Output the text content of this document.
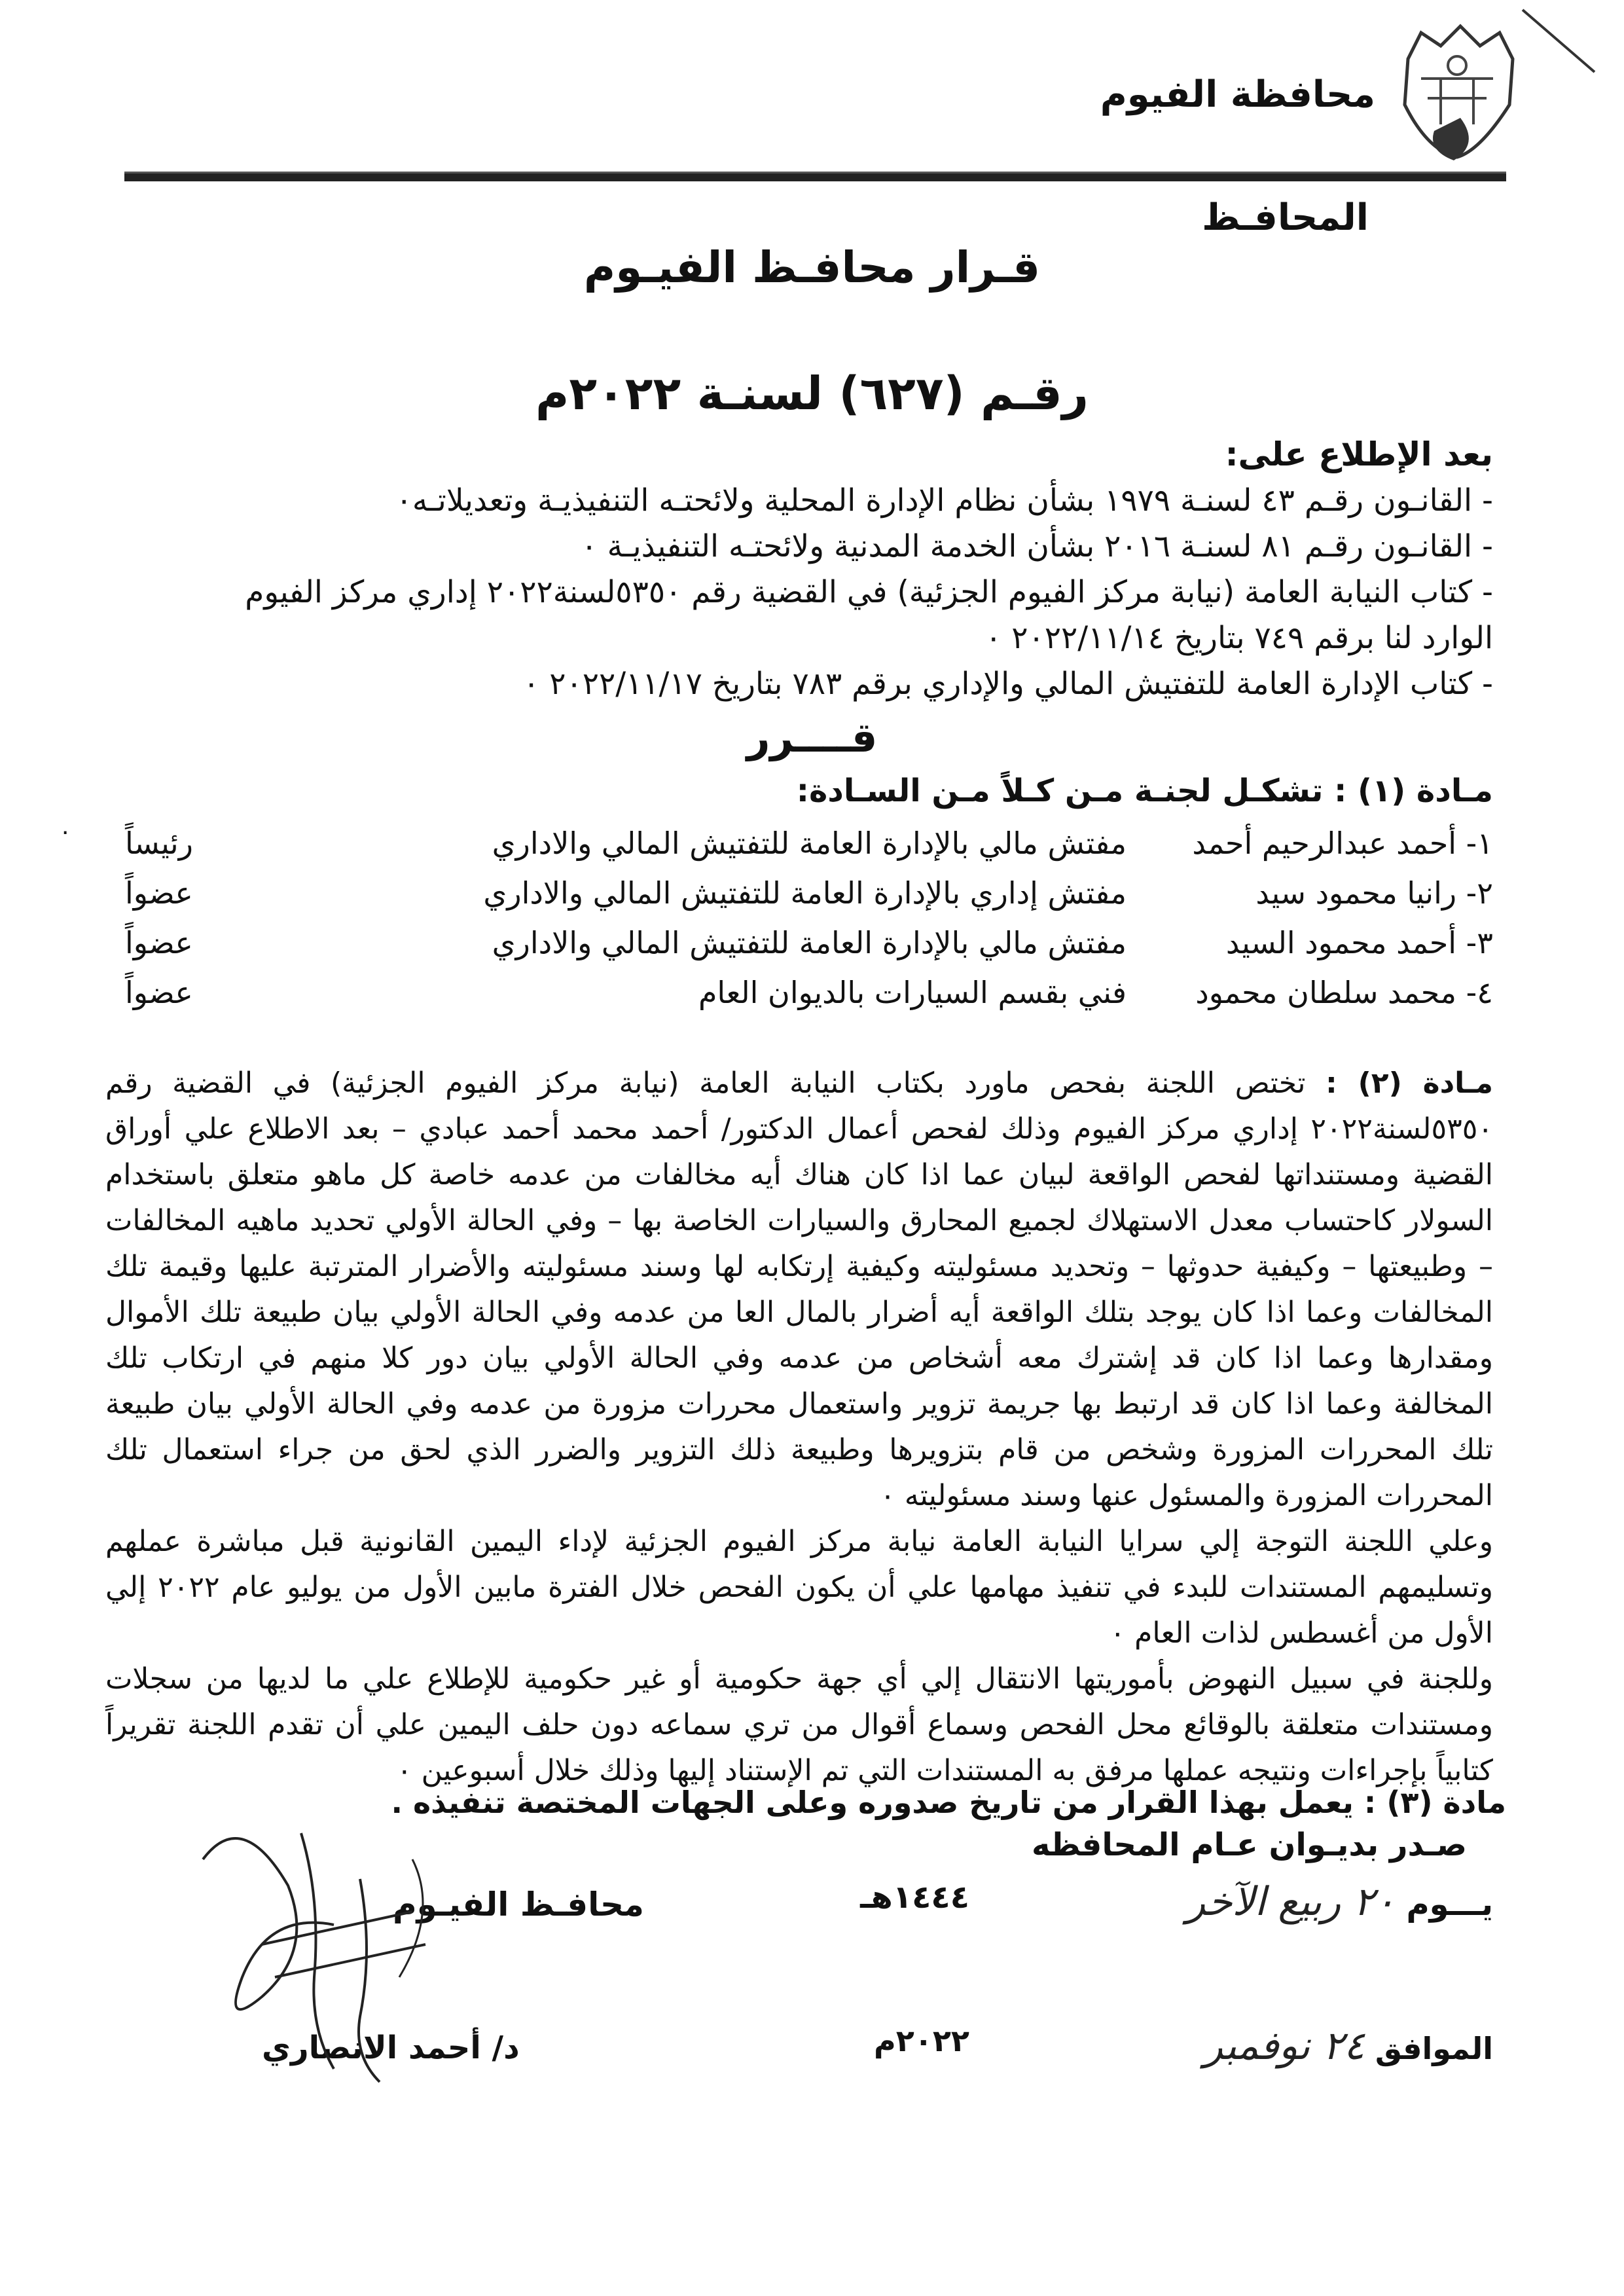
محافظة الفيوم
المحافـظ
قـرار محافـظ الفيـوم
رقـم (٦٢٧) لسنـة ٢٠٢٢م
بعد الإطلاع على:
- القانـون رقـم ٤٣ لسنـة ١٩٧٩ بشأن نظام الإدارة المحلية ولائحتـه التنفيذيـة وتعديلاتـه٠
- القانـون رقـم ٨١ لسنـة ٢٠١٦ بشأن الخدمة المدنية ولائحتـه التنفيذيـة ٠
- كتاب النيابة العامة (نيابة مركز الفيوم الجزئية) في القضية رقم ٥٣٥٠لسنة٢٠٢٢ إداري مركز الفيوم
الوارد لنا برقم ٧٤٩ بتاريخ ٢٠٢٢/١١/١٤ ٠
- كتاب الإدارة العامة للتفتيش المالي والإداري برقم ٧٨٣ بتاريخ ٢٠٢٢/١١/١٧ ٠
قــــرر
مـادة (١) : تشكـل لجنـة مـن كـلاً مـن السـادة:
١- أحمد عبدالرحيم أحمد	مفتش مالي بالإدارة العامة للتفتيش المالي والاداري	رئيساً
٢- رانيا محمود سيد	مفتش إداري بالإدارة العامة للتفتيش المالي والاداري	عضواً
٣- أحمد محمود السيد	مفتش مالي بالإدارة العامة للتفتيش المالي والاداري	عضواً
٤- محمد سلطان محمود	فني بقسم السيارات بالديوان العام	عضواً
٠

مـادة (٢) : تختص اللجنة بفحص ماورد بكتاب النيابة العامة (نيابة مركز الفيوم الجزئية) في القضية رقم ٥٣٥٠لسنة٢٠٢٢ إداري مركز الفيوم وذلك لفحص أعمال الدكتور/ أحمد محمد أحمد عبادي – بعد الاطلاع علي أوراق القضية ومستنداتها لفحص الواقعة لبيان عما اذا كان هناك أيه مخالفات من عدمه خاصة كل ماهو متعلق باستخدام السولار كاحتساب معدل الاستهلاك لجميع المحارق والسيارات الخاصة بها – وفي الحالة الأولي تحديد ماهيه المخالفات – وطبيعتها – وكيفية حدوثها – وتحديد مسئوليته وكيفية إرتكابه لها وسند مسئوليته والأضرار المترتبة عليها وقيمة تلك المخالفات وعما اذا كان يوجد بتلك الواقعة أيه أضرار بالمال العا من عدمه وفي الحالة الأولي بيان طبيعة تلك الأموال ومقدارها وعما اذا كان قد إشترك معه أشخاص من عدمه وفي الحالة الأولي بيان دور كلا منهم في ارتكاب تلك المخالفة وعما اذا كان قد ارتبط بها جريمة تزوير واستعمال محررات مزورة من عدمه وفي الحالة الأولي بيان طبيعة تلك المحررات المزورة وشخص من قام بتزويرها وطبيعة ذلك التزوير والضرر الذي لحق من جراء استعمال تلك المحررات المزورة والمسئول عنها وسند مسئوليته ٠

وعلي اللجنة التوجة إلي سرايا النيابة العامة نيابة مركز الفيوم الجزئية لإداء اليمين القانونية قبل مباشرة عملهم وتسليمهم المستندات للبدء في تنفيذ مهامها علي أن يكون الفحص خلال الفترة مابين الأول من يوليو عام ٢٠٢٢ إلي الأول من أغسطس لذات العام ٠

وللجنة في سبيل النهوض بأموريتها الانتقال إلي أي جهة حكومية أو غير حكومية للإطلاع علي ما لديها من سجلات ومستندات متعلقة بالوقائع محل الفحص وسماع أقوال من تري سماعه دون حلف اليمين علي أن تقدم اللجنة تقريراً كتابياً بإجراءات ونتيجه عملها مرفق به المستندات التي تم الإستناد إليها وذلك خلال أسبوعين ٠

مادة (٣) : يعمل بهذا القرار من تاريخ صدوره وعلى الجهات المختصة تنفيذه .
صـدر بديـوان عـام المحافظه
يـــوم ٢٠ ربيع الآخر
١٤٤٤هـ
الموافق ٢٤ نوفمبر
٢٠٢٢م
محافـظ الفيـوم
د/ أحمد الانصاري
